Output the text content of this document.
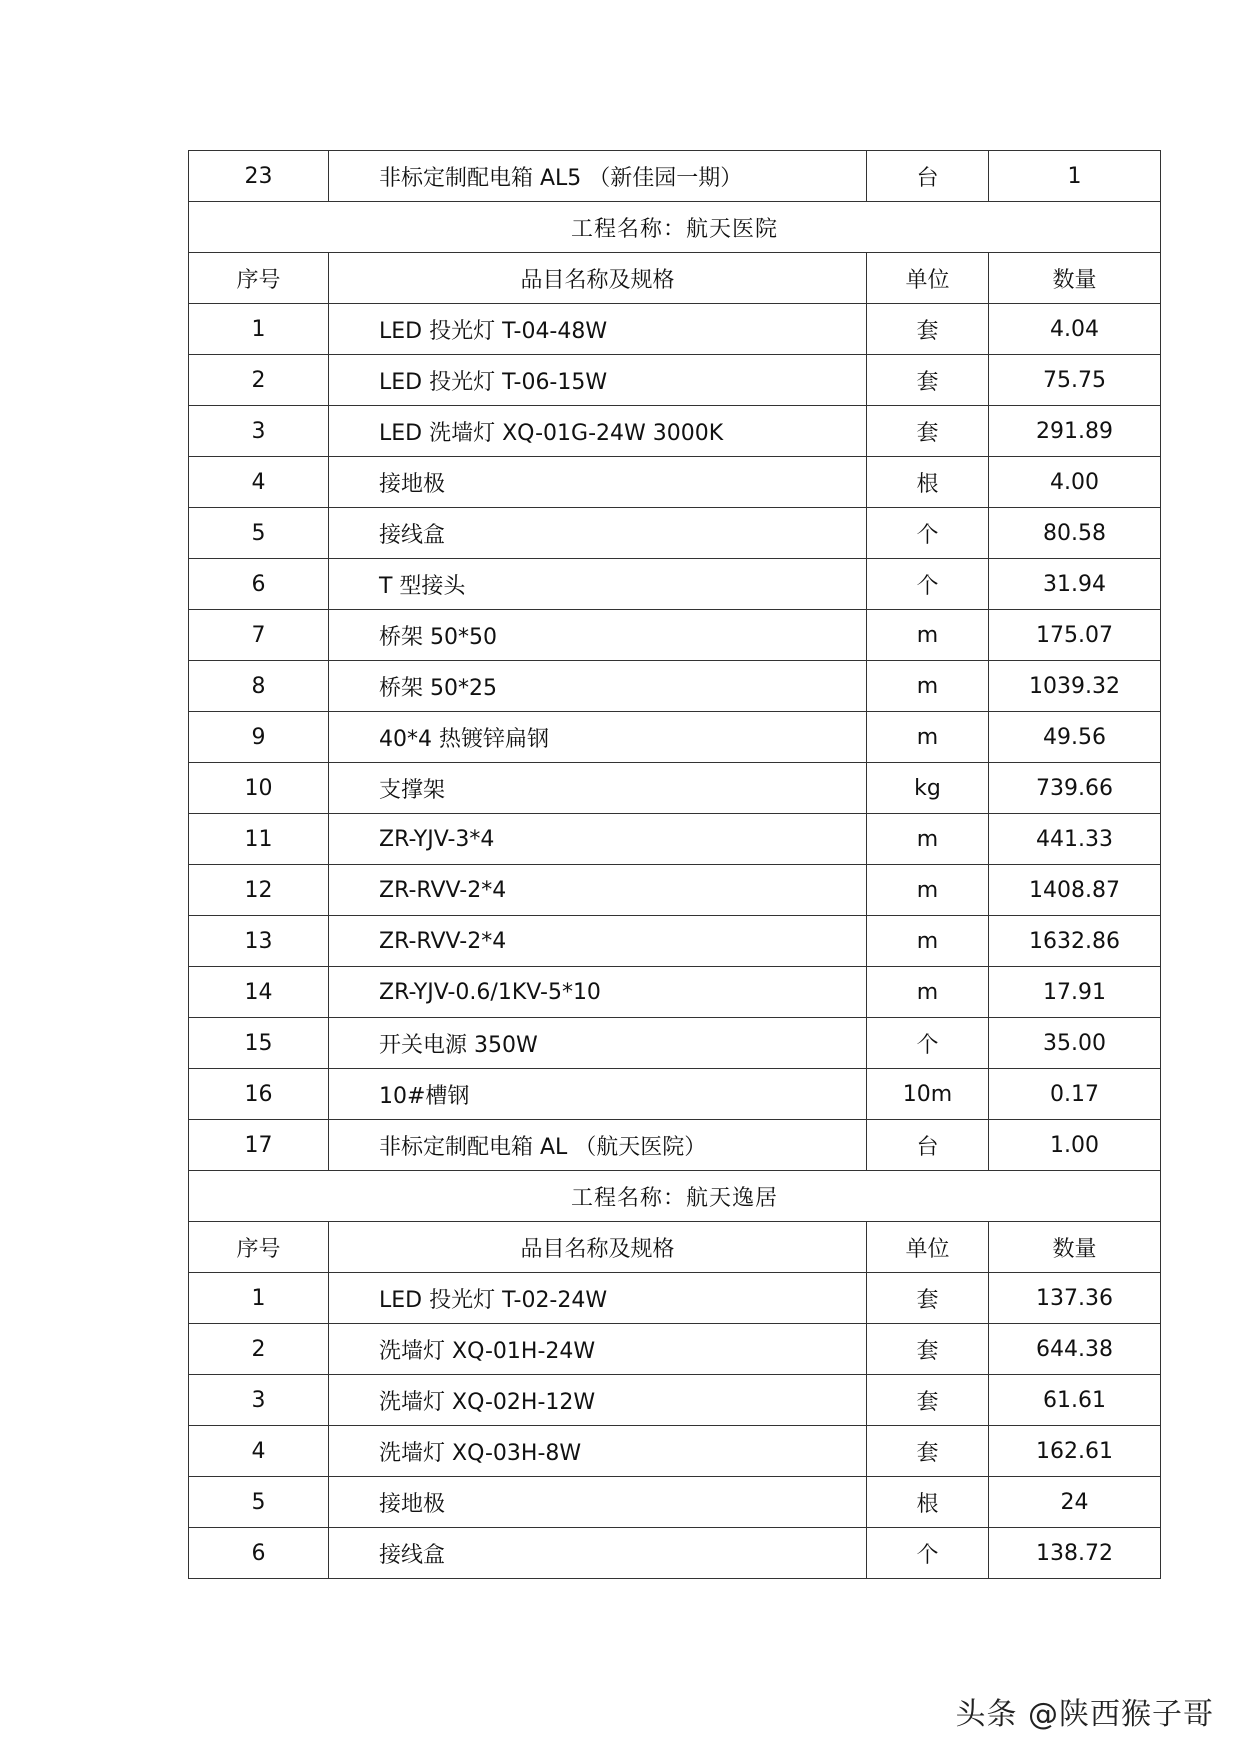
23	非标定制配电箱 AL5 （新佳园一期）	台	1
工程名称：航天医院			
序号	品目名称及规格	单位	数量
1	LED 投光灯 T-04-48W	套	4.04
2	LED 投光灯 T-06-15W	套	75.75
3	LED 洗墙灯 XQ-01G-24W 3000K	套	291.89
4	接地极	根	4.00
5	接线盒	个	80.58
6	T 型接头	个	31.94
7	桥架 50*50	m	175.07
8	桥架 50*25	m	1039.32
9	40*4 热镀锌扁钢	m	49.56
10	支撑架	kg	739.66
11	ZR-YJV-3*4	m	441.33
12	ZR-RVV-2*4	m	1408.87
13	ZR-RVV-2*4	m	1632.86
14	ZR-YJV-0.6/1KV-5*10	m	17.91
15	开关电源 350W	个	35.00
16	10#槽钢	10m	0.17
17	非标定制配电箱 AL （航天医院）	台	1.00
工程名称：航天逸居			
序号	品目名称及规格	单位	数量
1	LED 投光灯 T-02-24W	套	137.36
2	洗墙灯 XQ-01H-24W	套	644.38
3	洗墙灯 XQ-02H-12W	套	61.61
4	洗墙灯 XQ-03H-8W	套	162.61
5	接地极	根	24
6	接线盒	个	138.72
头条 @陕西猴子哥
